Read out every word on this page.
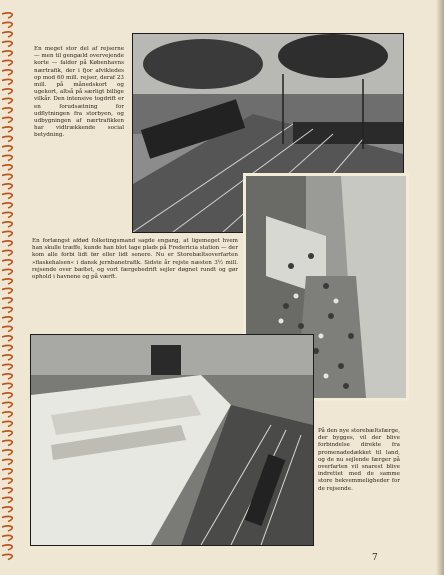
En meget stor del af rejserne — men til gengæld overvejende korte — falder på Københavns nærtrafik, der i fjor afvikledes op mod 60 mill. rejser, deraf 23 mill. på månedskort og ugekort, altså på særligt billige vilkår. Den intensive togdrift er en forudsætning for udflytningen fra storbyen, og udbygningen af nærtrafikken har vidtrækkende social betydning.

En forlængst afdød folketingsmand sagde engang, at ligemeget hvem han skulle træffe, kunde han blot tage plads på Fredericia station — der kom alle forbi lidt før eller lidt senere. Nu er Storebæltsoverfarten »flaskehalsen« i dansk jernbanetrafik. Sidste år rejste næsten 3½ mill. rejsende over bæltet, og vort færgebedrift sejler døgnet rundt og gør ophold i havnene og på værft.

På den nye storebæltsfærge, der bygges, vil der blive forbindelse direkte fra promenadedækket til land, og de nu sejlende færger på overfarten vil snarest blive indrettet med de samme store bekvemmeligheder for de rejsende.

7
